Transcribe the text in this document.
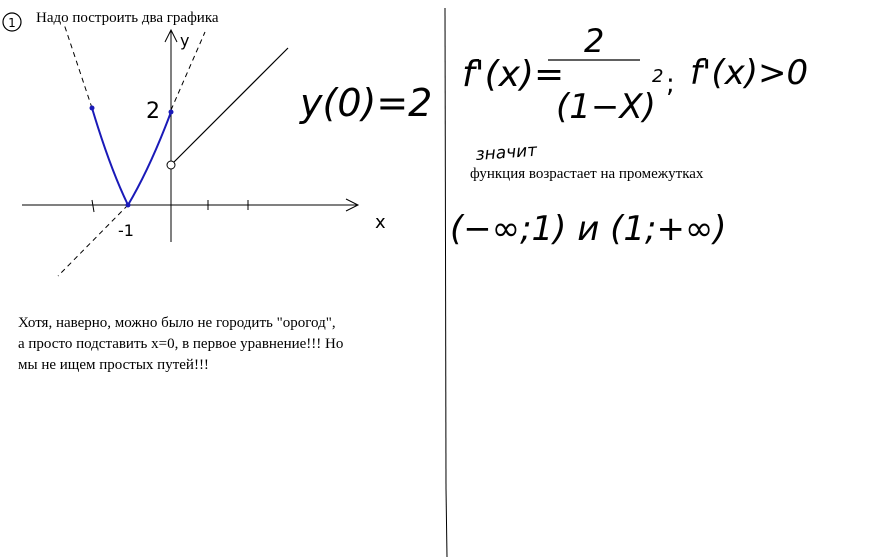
Надо построить два графика
функция возрастает на промежутках
Хотя, наверно, можно было не городить "орогод",
а просто подставить x=0, в первое уравнение!!! Но
мы не ищем простых путей!!!
1
x
y
-1
2	y(0)=2
f'(x)=
2
(1−X)
2 ; f'(x)>0
значит
(−∞;1) и (1;+∞)
